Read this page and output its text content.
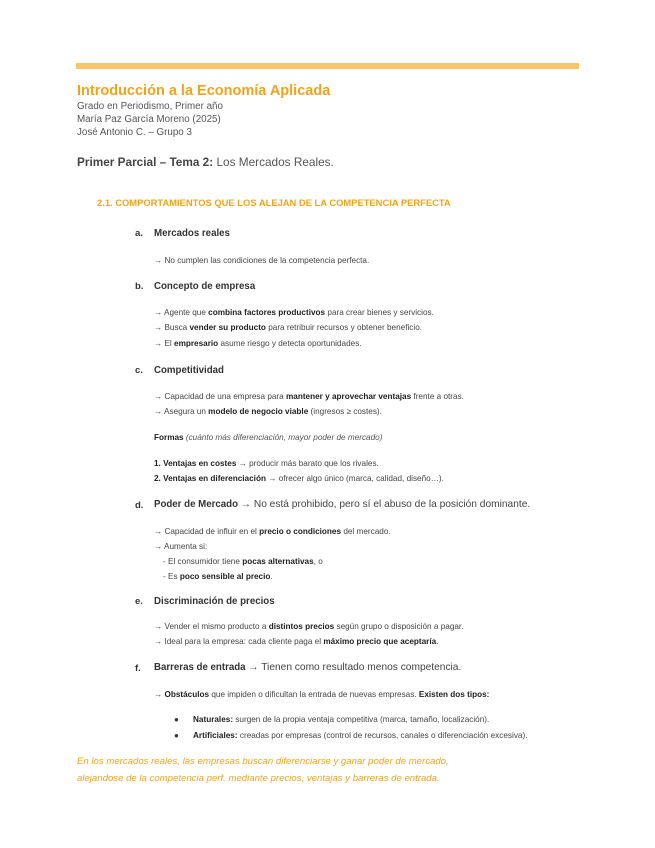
Introducción a la Economía Aplicada
Grado en Periodismo, Primer año
María Paz García Moreno (2025)
José Antonio C. – Grupo 3
Primer Parcial – Tema 2: Los Mercados Reales.
2.1. COMPORTAMIENTOS QUE LOS ALEJAN DE LA COMPETENCIA PERFECTA
a. Mercados reales
→ No cumplen las condiciones de la competencia perfecta.
b. Concepto de empresa
→ Agente que combina factores productivos para crear bienes y servicios.
→ Busca vender su producto para retribuir recursos y obtener beneficio.
→ El empresario asume riesgo y detecta oportunidades.
c. Competitividad
→ Capacidad de una empresa para mantener y aprovechar ventajas frente a otras.
→ Asegura un modelo de negocio viable (ingresos ≥ costes).
Formas (cuánto más diferenciación, mayor poder de mercado)
1. Ventajas en costes → producir más barato que los rivales.
2. Ventajas en diferenciación → ofrecer algo único (marca, calidad, diseño…).
d. Poder de Mercado → No está prohibido, pero sí el abuso de la posición dominante.
→ Capacidad de influir en el precio o condiciones del mercado.
→ Aumenta si:
- El consumidor tiene pocas alternativas, o
- Es poco sensible al precio.
e. Discriminación de precios
→ Vender el mismo producto a distintos precios según grupo o disposición a pagar.
→ Ideal para la empresa: cada cliente paga el máximo precio que aceptaría.
f. Barreras de entrada → Tienen como resultado menos competencia.
→ Obstáculos que impiden o dificultan la entrada de nuevas empresas. Existen dos tipos:
● Naturales: surgen de la propia ventaja competitiva (marca, tamaño, localización).
● Artificiales: creadas por empresas (control de recursos, canales o diferenciación excesiva).
En los mercados reales, las empresas buscan diferenciarse y ganar poder de mercado,
alejandose de la competencia perf. mediante precios, ventajas y barreras de entrada.
